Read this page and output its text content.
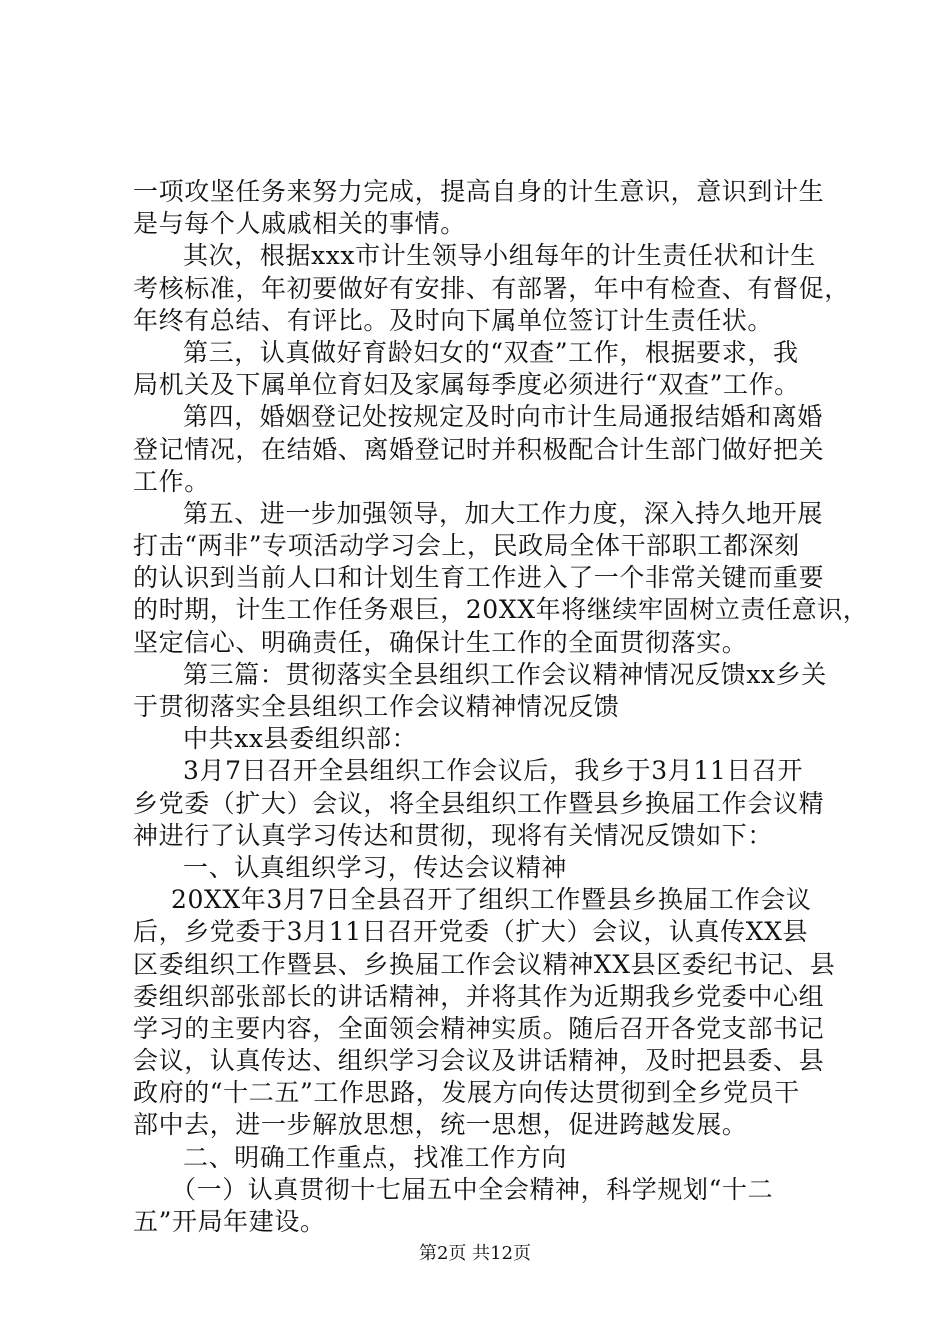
一项攻坚任务来努力完成，提高自身的计生意识，意识到计生
是与每个人戚戚相关的事情。
其次，根据xxx市计生领导小组每年的计生责任状和计生
考核标准，年初要做好有安排、有部署，年中有检查、有督促，
年终有总结、有评比。及时向下属单位签订计生责任状。
第三，认真做好育龄妇女的“双查”工作，根据要求，我
局机关及下属单位育妇及家属每季度必须进行“双查”工作。
第四，婚姻登记处按规定及时向市计生局通报结婚和离婚
登记情况，在结婚、离婚登记时并积极配合计生部门做好把关
工作。
第五、进一步加强领导，加大工作力度，深入持久地开展
打击“两非”专项活动学习会上，民政局全体干部职工都深刻
的认识到当前人口和计划生育工作进入了一个非常关键而重要
的时期，计生工作任务艰巨，20XX年将继续牢固树立责任意识，
坚定信心、明确责任，确保计生工作的全面贯彻落实。
第三篇：贯彻落实全县组织工作会议精神情况反馈xx乡关
于贯彻落实全县组织工作会议精神情况反馈
中共xx县委组织部：
3月7日召开全县组织工作会议后，我乡于3月11日召开
乡党委（扩大）会议，将全县组织工作暨县乡换届工作会议精
神进行了认真学习传达和贯彻，现将有关情况反馈如下：
一、认真组织学习，传达会议精神
20XX年3月7日全县召开了组织工作暨县乡换届工作会议
后，乡党委于3月11日召开党委（扩大）会议，认真传XX县
区委组织工作暨县、乡换届工作会议精神XX县区委纪书记、县
委组织部张部长的讲话精神，并将其作为近期我乡党委中心组
学习的主要内容，全面领会精神实质。随后召开各党支部书记
会议，认真传达、组织学习会议及讲话精神，及时把县委、县
政府的“十二五”工作思路，发展方向传达贯彻到全乡党员干
部中去，进一步解放思想，统一思想，促进跨越发展。
二、明确工作重点，找准工作方向
（一）认真贯彻十七届五中全会精神，科学规划“十二
五”开局年建设。
第2页 共12页
